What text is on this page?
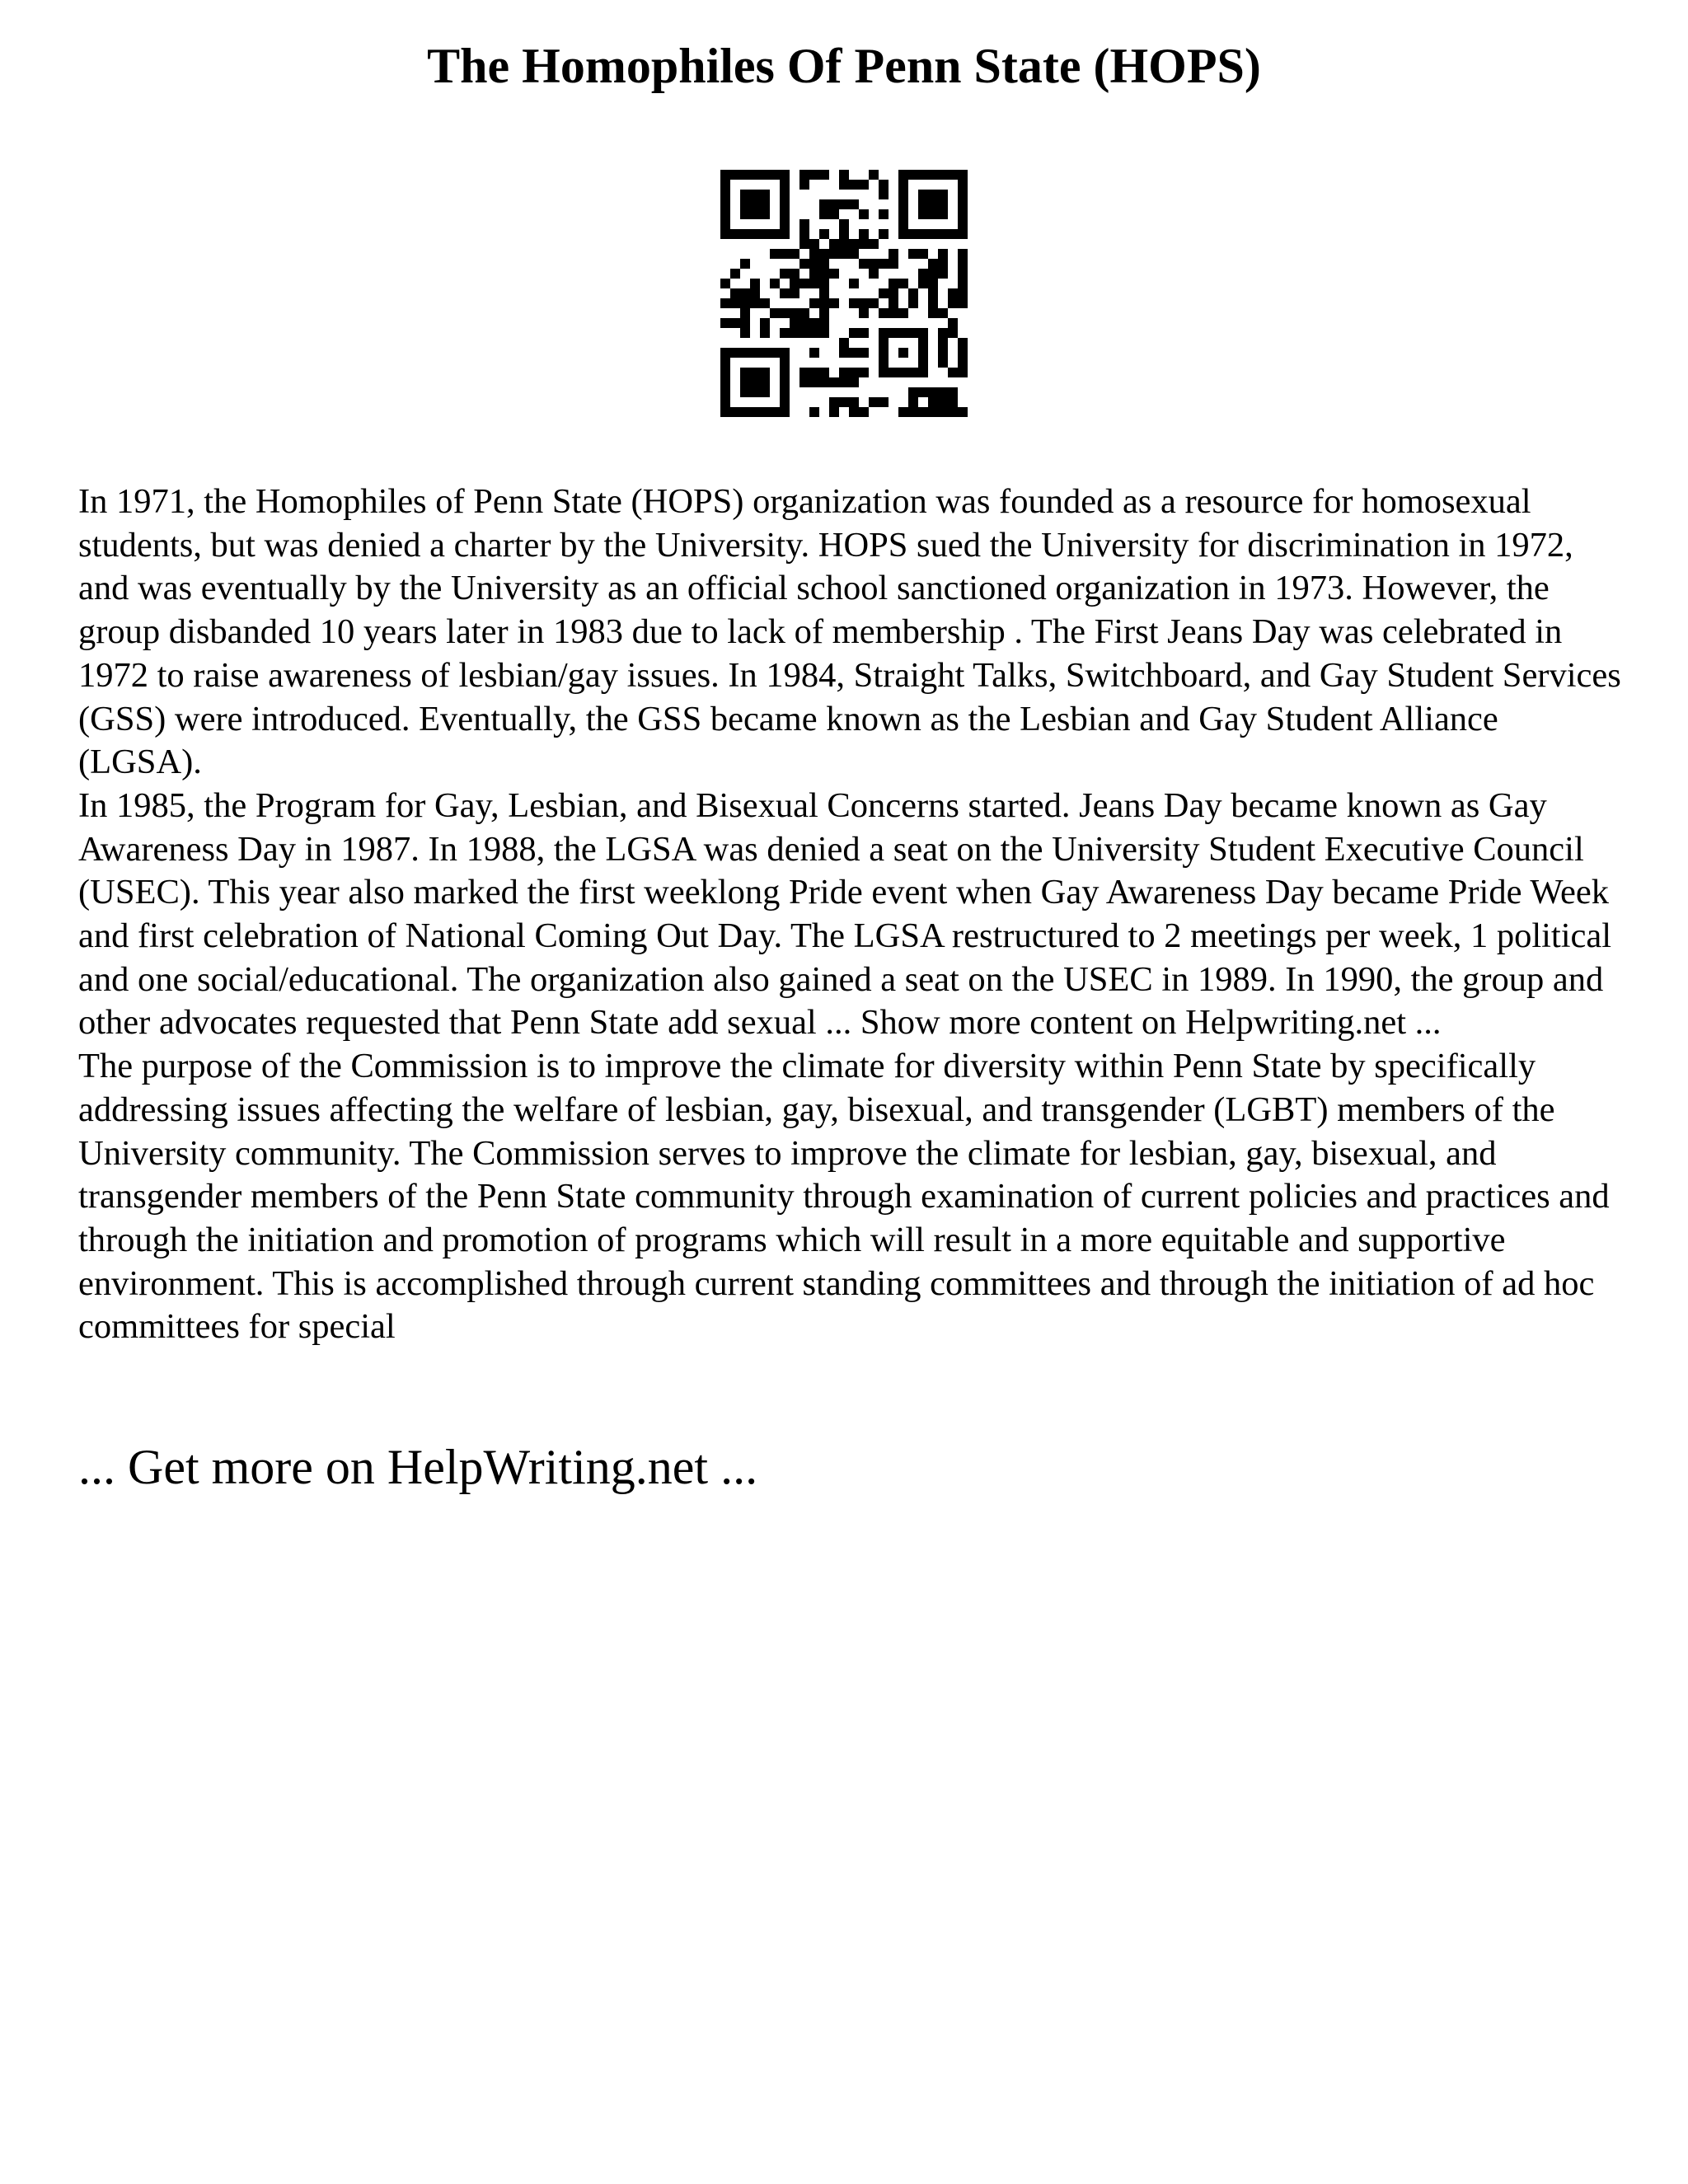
The Homophiles Of Penn State (HOPS)

In 1971, the Homophiles of Penn State (HOPS) organization was founded as a resource for homosexual students, but was denied a charter by the University. HOPS sued the University for discrimination in 1972, and was eventually by the University as an official school sanctioned organization in 1973. However, the group disbanded 10 years later in 1983 due to lack of membership . The First Jeans Day was celebrated in 1972 to raise awareness of lesbian/gay issues. In 1984, Straight Talks, Switchboard, and Gay Student Services (GSS) were introduced. Eventually, the GSS became known as the Lesbian and Gay Student Alliance (LGSA).

In 1985, the Program for Gay, Lesbian, and Bisexual Concerns started. Jeans Day became known as Gay Awareness Day in 1987. In 1988, the LGSA was denied a seat on the University Student Executive Council (USEC). This year also marked the first weeklong Pride event when Gay Awareness Day became Pride Week and first celebration of National Coming Out Day. The LGSA restructured to 2 meetings per week, 1 political and one social/educational. The organization also gained a seat on the USEC in 1989. In 1990, the group and other advocates requested that Penn State add sexual ... Show more content on Helpwriting.net ...

The purpose of the Commission is to improve the climate for diversity within Penn State by specifically addressing issues affecting the welfare of lesbian, gay, bisexual, and transgender (LGBT) members of the University community. The Commission serves to improve the climate for lesbian, gay, bisexual, and transgender members of the Penn State community through examination of current policies and practices and through the initiation and promotion of programs which will result in a more equitable and supportive environment. This is accomplished through current standing committees and through the initiation of ad hoc committees for special

... Get more on HelpWriting.net ...
